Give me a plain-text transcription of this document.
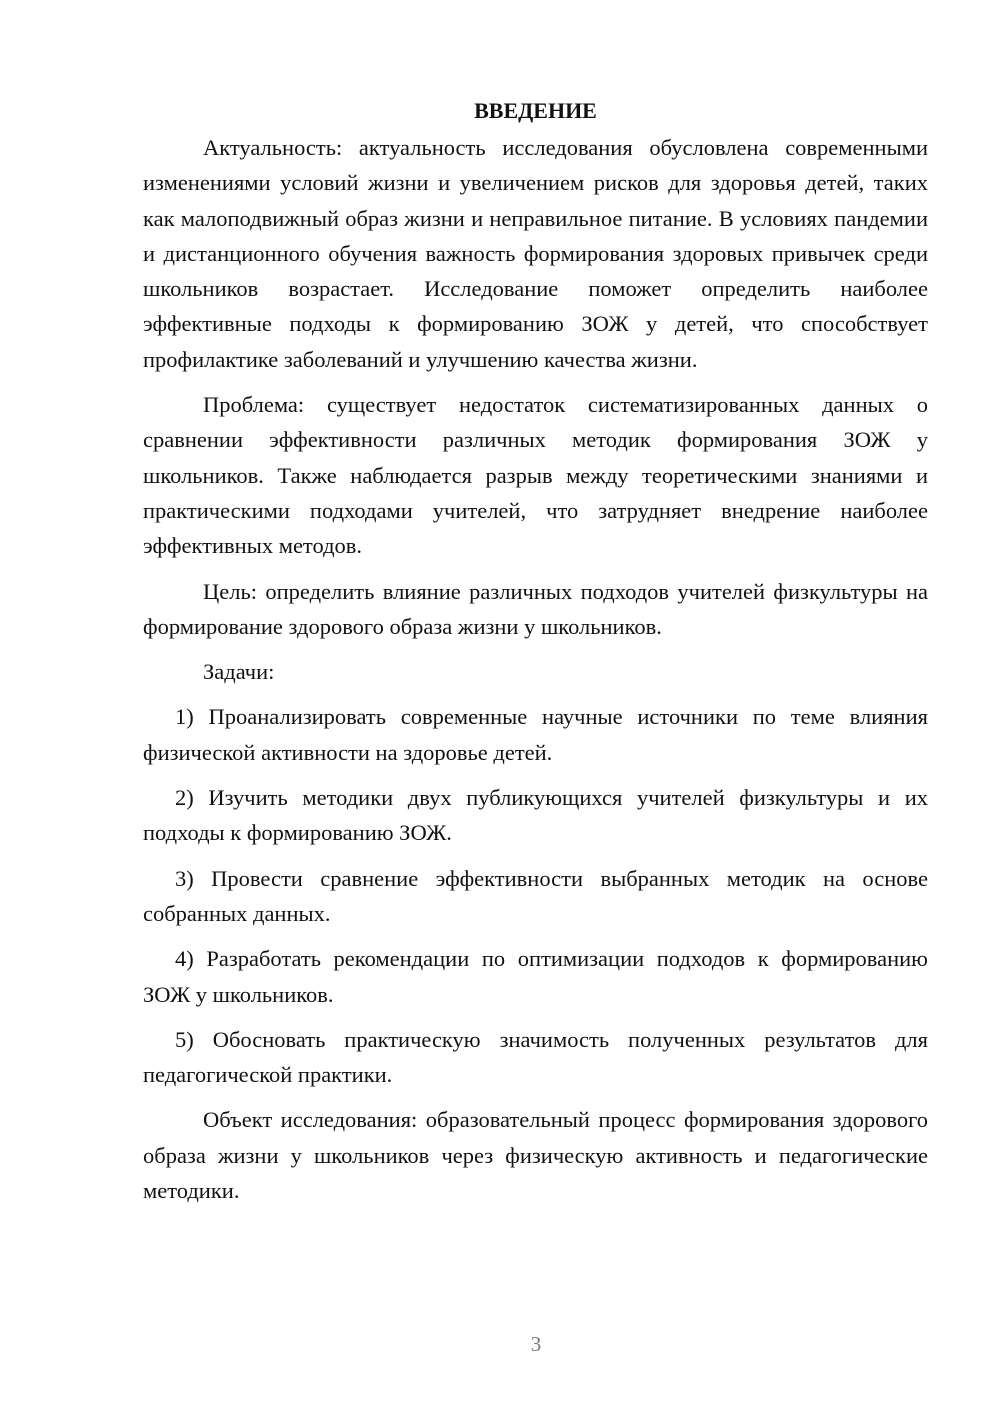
ВВЕДЕНИЕ

Актуальность: актуальность исследования обусловлена современными изменениями условий жизни и увеличением рисков для здоровья детей, таких как малоподвижный образ жизни и неправильное питание. В условиях пандемии и дистанционного обучения важность формирования здоровых привычек среди школьников возрастает. Исследование поможет определить наиболее эффективные подходы к формированию ЗОЖ у детей, что способствует профилактике заболеваний и улучшению качества жизни.

Проблема: существует недостаток систематизированных данных о сравнении эффективности различных методик формирования ЗОЖ у школьников. Также наблюдается разрыв между теоретическими знаниями и практическими подходами учителей, что затрудняет внедрение наиболее эффективных методов.

Цель: определить влияние различных подходов учителей физкультуры на формирование здорового образа жизни у школьников.

Задачи:

1) Проанализировать современные научные источники по теме влияния физической активности на здоровье детей.

2) Изучить методики двух публикующихся учителей физкультуры и их подходы к формированию ЗОЖ.

3) Провести сравнение эффективности выбранных методик на основе собранных данных.

4) Разработать рекомендации по оптимизации подходов к формированию ЗОЖ у школьников.

5) Обосновать практическую значимость полученных результатов для педагогической практики.

Объект исследования: образовательный процесс формирования здорового образа жизни у школьников через физическую активность и педагогические методики.

3
